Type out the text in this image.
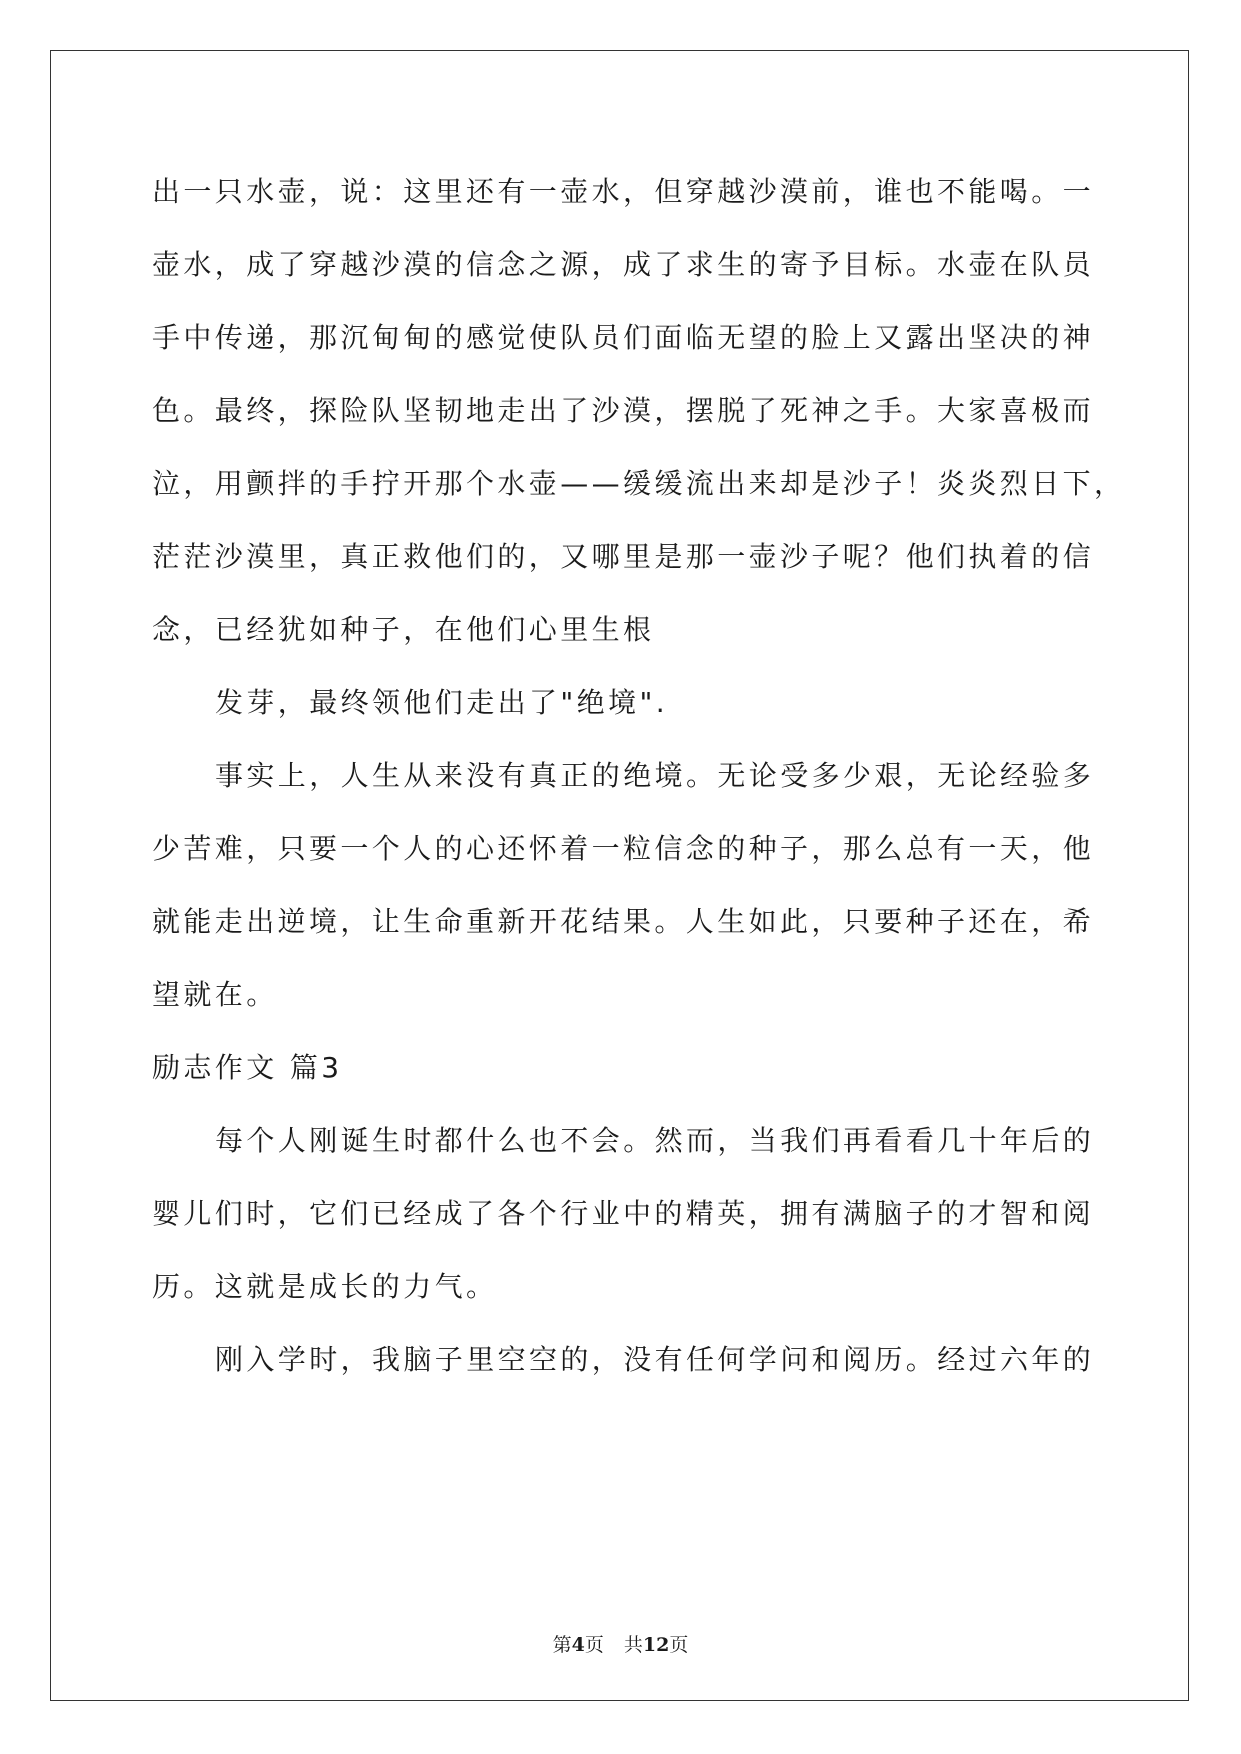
出一只水壶，说：这里还有一壶水，但穿越沙漠前，谁也不能喝。一
壶水，成了穿越沙漠的信念之源，成了求生的寄予目标。水壶在队员
手中传递，那沉甸甸的感觉使队员们面临无望的脸上又露出坚决的神
色。最终，探险队坚韧地走出了沙漠，摆脱了死神之手。大家喜极而
泣，用颤拌的手拧开那个水壶——缓缓流出来却是沙子！炎炎烈日下，
茫茫沙漠里，真正救他们的，又哪里是那一壶沙子呢？他们执着的信
念，已经犹如种子，在他们心里生根
发芽，最终领他们走出了"绝境".
事实上，人生从来没有真正的绝境。无论受多少艰，无论经验多
少苦难，只要一个人的心还怀着一粒信念的种子，那么总有一天，他
就能走出逆境，让生命重新开花结果。人生如此，只要种子还在，希
望就在。
励志作文 篇3
每个人刚诞生时都什么也不会。然而，当我们再看看几十年后的
婴儿们时，它们已经成了各个行业中的精英，拥有满脑子的才智和阅
历。这就是成长的力气。
刚入学时，我脑子里空空的，没有任何学问和阅历。经过六年的
第4页 共12页
